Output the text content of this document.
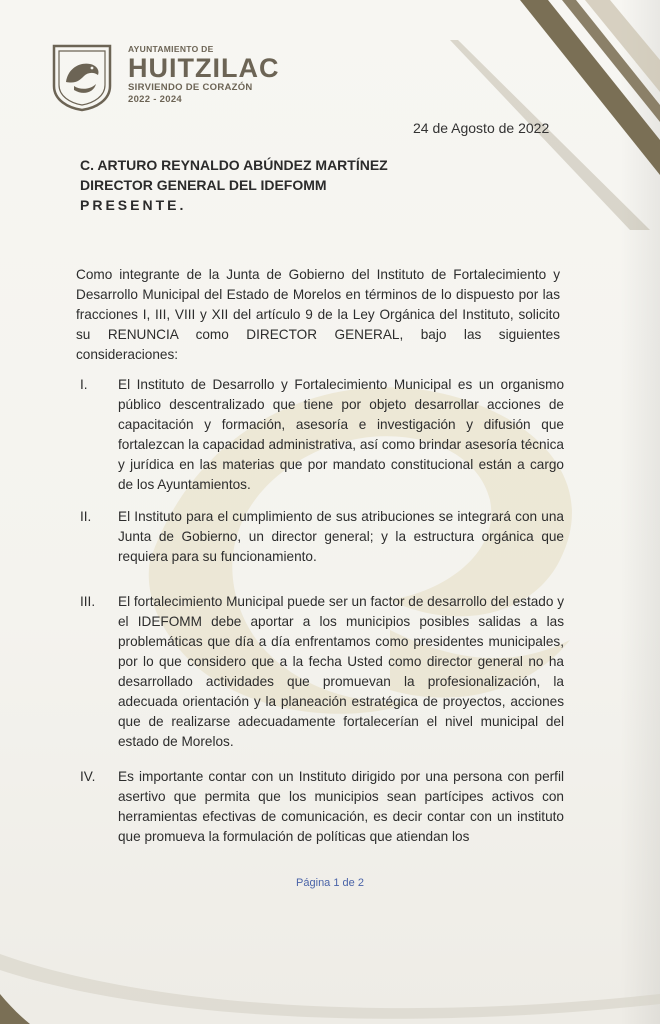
AYUNTAMIENTO DE
HUITZILAC
SIRVIENDO DE CORAZÓN
2022 - 2024
24 de Agosto de 2022
C. ARTURO REYNALDO ABÚNDEZ MARTÍNEZ
DIRECTOR GENERAL DEL IDEFOMM
PRESENTE.
Como integrante de la Junta de Gobierno del Instituto de Fortalecimiento y Desarrollo Municipal del Estado de Morelos en términos de lo dispuesto por las fracciones I, III, VIII y XII del artículo 9 de la Ley Orgánica del Instituto, solicito su RENUNCIA como DIRECTOR GENERAL, bajo las siguientes consideraciones:
I.	El Instituto de Desarrollo y Fortalecimiento Municipal es un organismo público descentralizado que tiene por objeto desarrollar acciones de capacitación y formación, asesoría e investigación y difusión que fortalezcan la capacidad administrativa, así como brindar asesoría técnica y jurídica en las materias que por mandato constitucional están a cargo de los Ayuntamientos.
II.	El Instituto para el cumplimiento de sus atribuciones se integrará con una Junta de Gobierno, un director general; y la estructura orgánica que requiera para su funcionamiento.
III.	El fortalecimiento Municipal puede ser un factor de desarrollo del estado y el IDEFOMM debe aportar a los municipios posibles salidas a las problemáticas que día a día enfrentamos como presidentes municipales, por lo que considero que a la fecha Usted como director general no ha desarrollado actividades que promuevan la profesionalización, la adecuada orientación y la planeación estratégica de proyectos, acciones que de realizarse adecuadamente fortalecerían el nivel municipal del estado de Morelos.
IV.	Es importante contar con un Instituto dirigido por una persona con perfil asertivo que permita que los municipios sean partícipes activos con herramientas efectivas de comunicación, es decir contar con un instituto que promueva la formulación de políticas que atiendan los
Página 1 de 2
